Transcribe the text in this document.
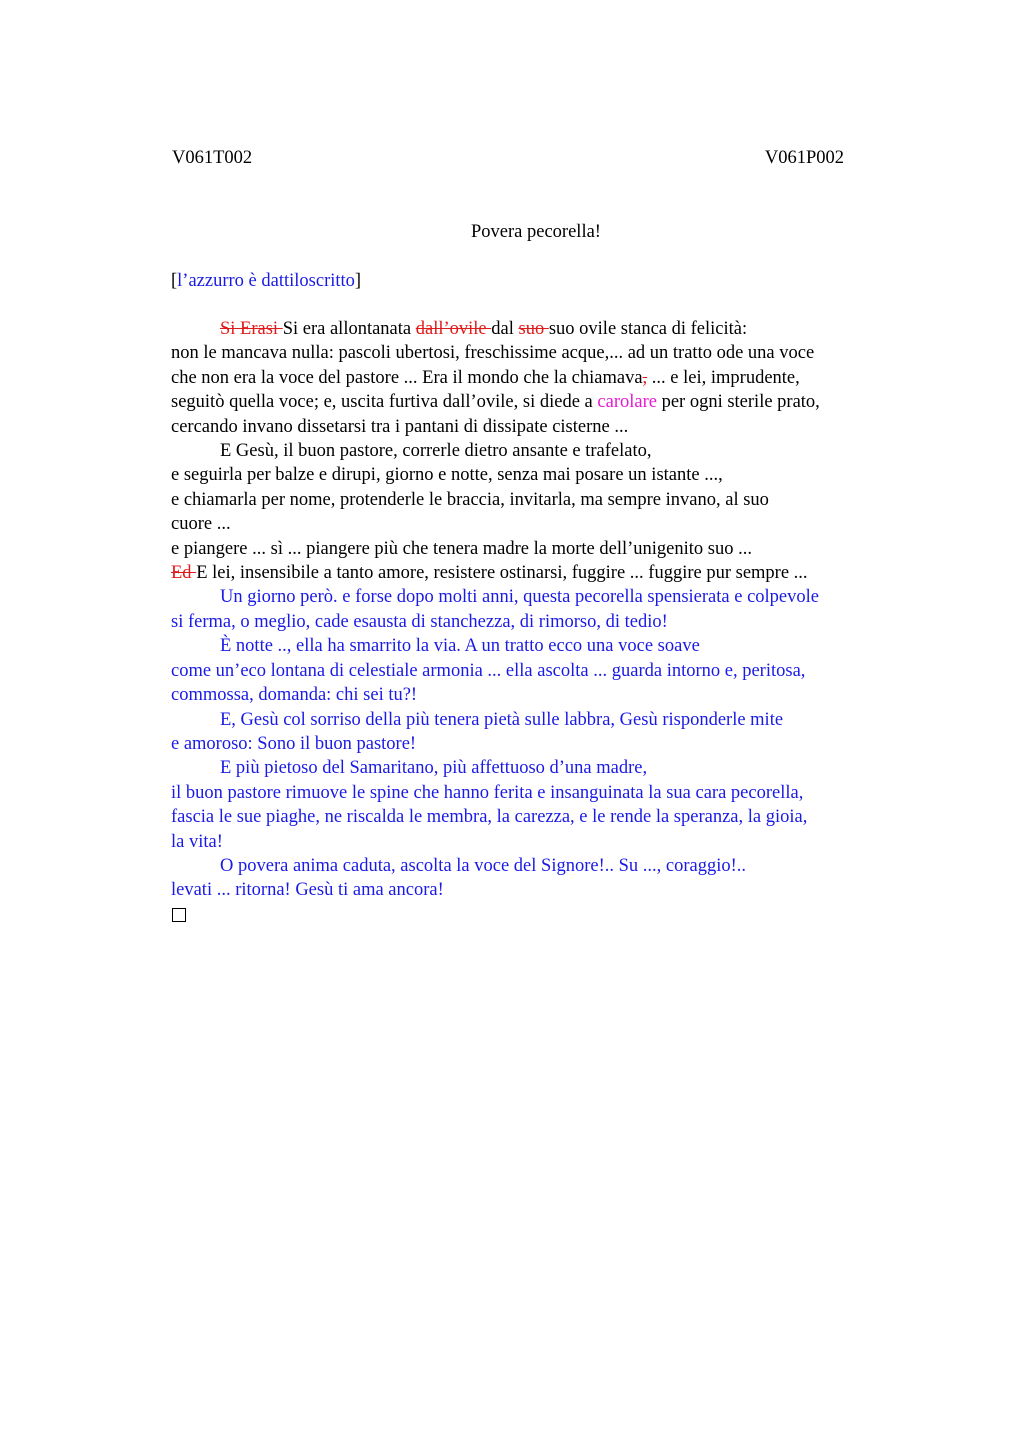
V061T002	V061P002
Povera pecorella!
[l’azzurro è dattiloscritto]
Si Erasi Si era allontanata dall’ovile dal suo suo ovile stanca di felicità:
non le mancava nulla: pascoli ubertosi, freschissime acque,... ad un tratto ode una voce
che non era la voce del pastore ... Era il mondo che la chiamava, ... e lei, imprudente,
seguitò quella voce; e, uscita furtiva dall’ovile, si diede a carolare per ogni sterile prato,
cercando invano dissetarsi tra i pantani di dissipate cisterne ...
E Gesù, il buon pastore, correrle dietro ansante e trafelato,
e seguirla per balze e dirupi, giorno e notte, senza mai posare un istante ...,
e chiamarla per nome, protenderle le braccia, invitarla, ma sempre invano, al suo
cuore ...
e piangere ... sì ... piangere più che tenera madre la morte dell’unigenito suo ...
Ed E lei, insensibile a tanto amore, resistere ostinarsi, fuggire ... fuggire pur sempre ...
Un giorno però. e forse dopo molti anni, questa pecorella spensierata e colpevole
si ferma, o meglio, cade esausta di stanchezza, di rimorso, di tedio!
È notte .., ella ha smarrito la via. A un tratto ecco una voce soave
come un’eco lontana di celestiale armonia ... ella ascolta ... guarda intorno e, peritosa,
commossa, domanda: chi sei tu?!
E, Gesù col sorriso della più tenera pietà sulle labbra, Gesù risponderle mite
e amoroso: Sono il buon pastore!
E più pietoso del Samaritano, più affettuoso d’una madre,
il buon pastore rimuove le spine che hanno ferita e insanguinata la sua cara pecorella,
fascia le sue piaghe, ne riscalda le membra, la carezza, e le rende la speranza, la gioia,
la vita!
O povera anima caduta, ascolta la voce del Signore!.. Su ..., coraggio!..
levati ... ritorna! Gesù ti ama ancora!
